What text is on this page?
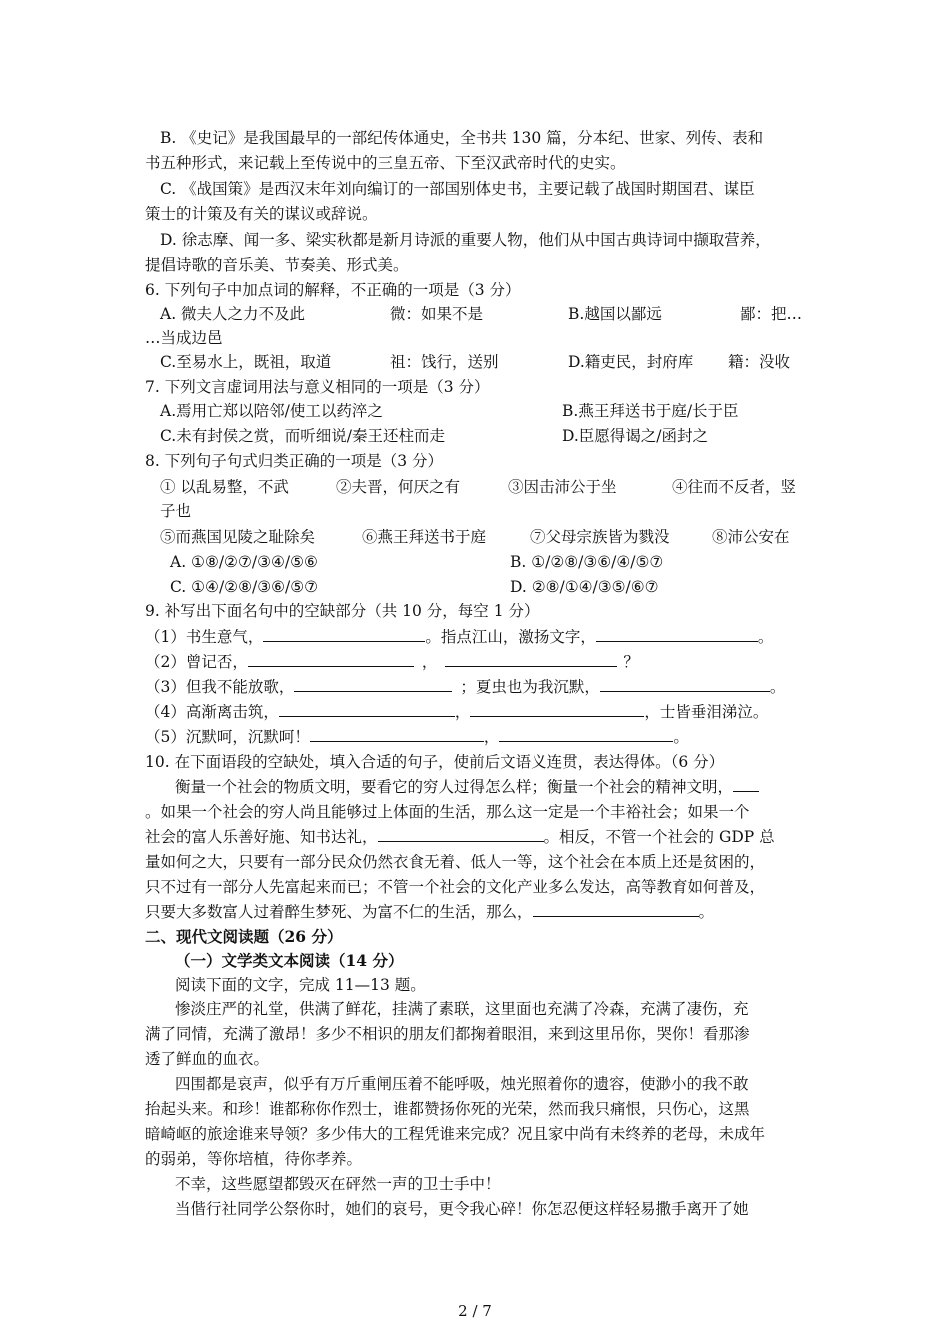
B. 《史记》是我国最早的一部纪传体通史，全书共 130 篇，分本纪、世家、列传、表和
书五种形式，来记载上至传说中的三皇五帝、下至汉武帝时代的史实。
C. 《战国策》是西汉末年刘向编订的一部国别体史书，主要记载了战国时期国君、谋臣
策士的计策及有关的谋议或辞说。
D. 徐志摩、闻一多、梁实秋都是新月诗派的重要人物，他们从中国古典诗词中撷取营养，
提倡诗歌的音乐美、节奏美、形式美。
6. 下列句子中加点词的解释，不正确的一项是（3 分）
A. 微夫人之力不及此	微：如果不是	B.越国以鄙远	鄙：把…
…当成边邑
C.至易水上，既祖，取道	祖：饯行，送别	D.籍吏民，封府库 籍：没收
7. 下列文言虚词用法与意义相同的一项是（3 分）
A.焉用亡郑以陪邻/使工以药淬之	B.燕王拜送书于庭/长于臣
C.未有封侯之赏，而听细说/秦王还柱而走	D.臣愿得谒之/函封之
8. 下列句子句式归类正确的一项是（3 分）
① 以乱易整，不武	②夫晋，何厌之有	③因击沛公于坐	④往而不反者，竖
子也
⑤而燕国见陵之耻除矣	⑥燕王拜送书于庭	⑦父母宗族皆为戮没	⑧沛公安在
A. ①⑧/②⑦/③④/⑤⑥	B. ①/②⑧/③⑥/④/⑤⑦
C. ①④/②⑧/③⑥/⑤⑦	D. ②⑧/①④/③⑤/⑥⑦
9. 补写出下面名句中的空缺部分（共 10 分，每空 1 分）
（1）书生意气，	。指点江山，激扬文字，	。
（2）曾记否，	，	？
（3）但我不能放歌，	；夏虫也为我沉默，	。
（4）高渐离击筑，	，	，士皆垂泪涕泣。
（5）沉默呵，沉默呵！	，	。
10. 在下面语段的空缺处，填入合适的句子，使前后文语义连贯，表达得体。（6 分）
衡量一个社会的物质文明，要看它的穷人过得怎么样；衡量一个社会的精神文明，
。如果一个社会的穷人尚且能够过上体面的生活，那么这一定是一个丰裕社会；如果一个
社会的富人乐善好施、知书达礼，	。相反，不管一个社会的 GDP 总
量如何之大，只要有一部分民众仍然衣食无着、低人一等，这个社会在本质上还是贫困的，
只不过有一部分人先富起来而已；不管一个社会的文化产业多么发达，高等教育如何普及，
只要大多数富人过着醉生梦死、为富不仁的生活，那么，	。
二、现代文阅读题（26 分）
（一）文学类文本阅读（14 分）
阅读下面的文字，完成 11—13 题。
惨淡庄严的礼堂，供满了鲜花，挂满了素联，这里面也充满了冷森，充满了凄伤，充
满了同情，充满了激昂！多少不相识的朋友们都掬着眼泪，来到这里吊你，哭你！看那渗
透了鲜血的血衣。
四围都是哀声，似乎有万斤重闸压着不能呼吸，烛光照着你的遗容，使渺小的我不敢
抬起头来。和珍！谁都称你作烈士，谁都赞扬你死的光荣，然而我只痛恨，只伤心，这黑
暗崎岖的旅途谁来导领？多少伟大的工程凭谁来完成？况且家中尚有未终养的老母，未成年
的弱弟，等你培植，待你孝养。
不幸，这些愿望都毁灭在砰然一声的卫士手中！
当偕行社同学公祭你时，她们的哀号，更令我心碎！你怎忍便这样轻易撒手离开了她
2 / 7
